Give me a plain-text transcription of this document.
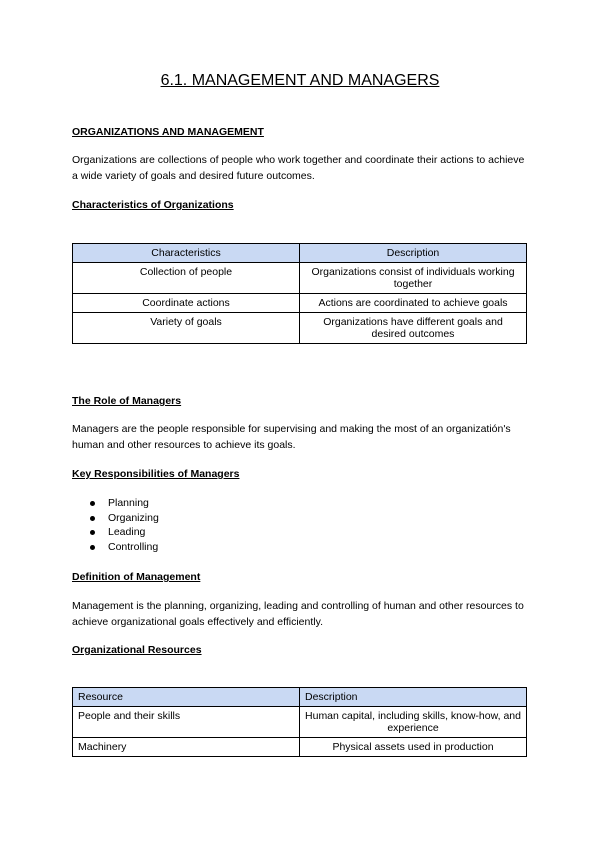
6.1. MANAGEMENT AND MANAGERS
ORGANIZATIONS AND MANAGEMENT
Organizations are collections of people who work together and coordinate their actions to achieve a wide variety of goals and desired future outcomes.
Characteristics of Organizations
Characteristics	Description
Collection of people	Organizations consist of individuals working together
Coordinate actions	Actions are coordinated to achieve goals
Variety of goals	Organizations have different goals and desired outcomes
The Role of Managers
Managers are the people responsible for supervising and making the most of an organizatión's human and other resources to achieve its goals.
Key Responsibilities of Managers
Planning
Organizing
Leading
Controlling
Definition of Management
Management is the planning, organizing, leading and controlling of human and other resources to achieve organizational goals effectively and efficiently.
Organizational Resources
Resource	Description
People and their skills	Human capital, including skills, know-how, and experience
Machinery	Physical assets used in production
